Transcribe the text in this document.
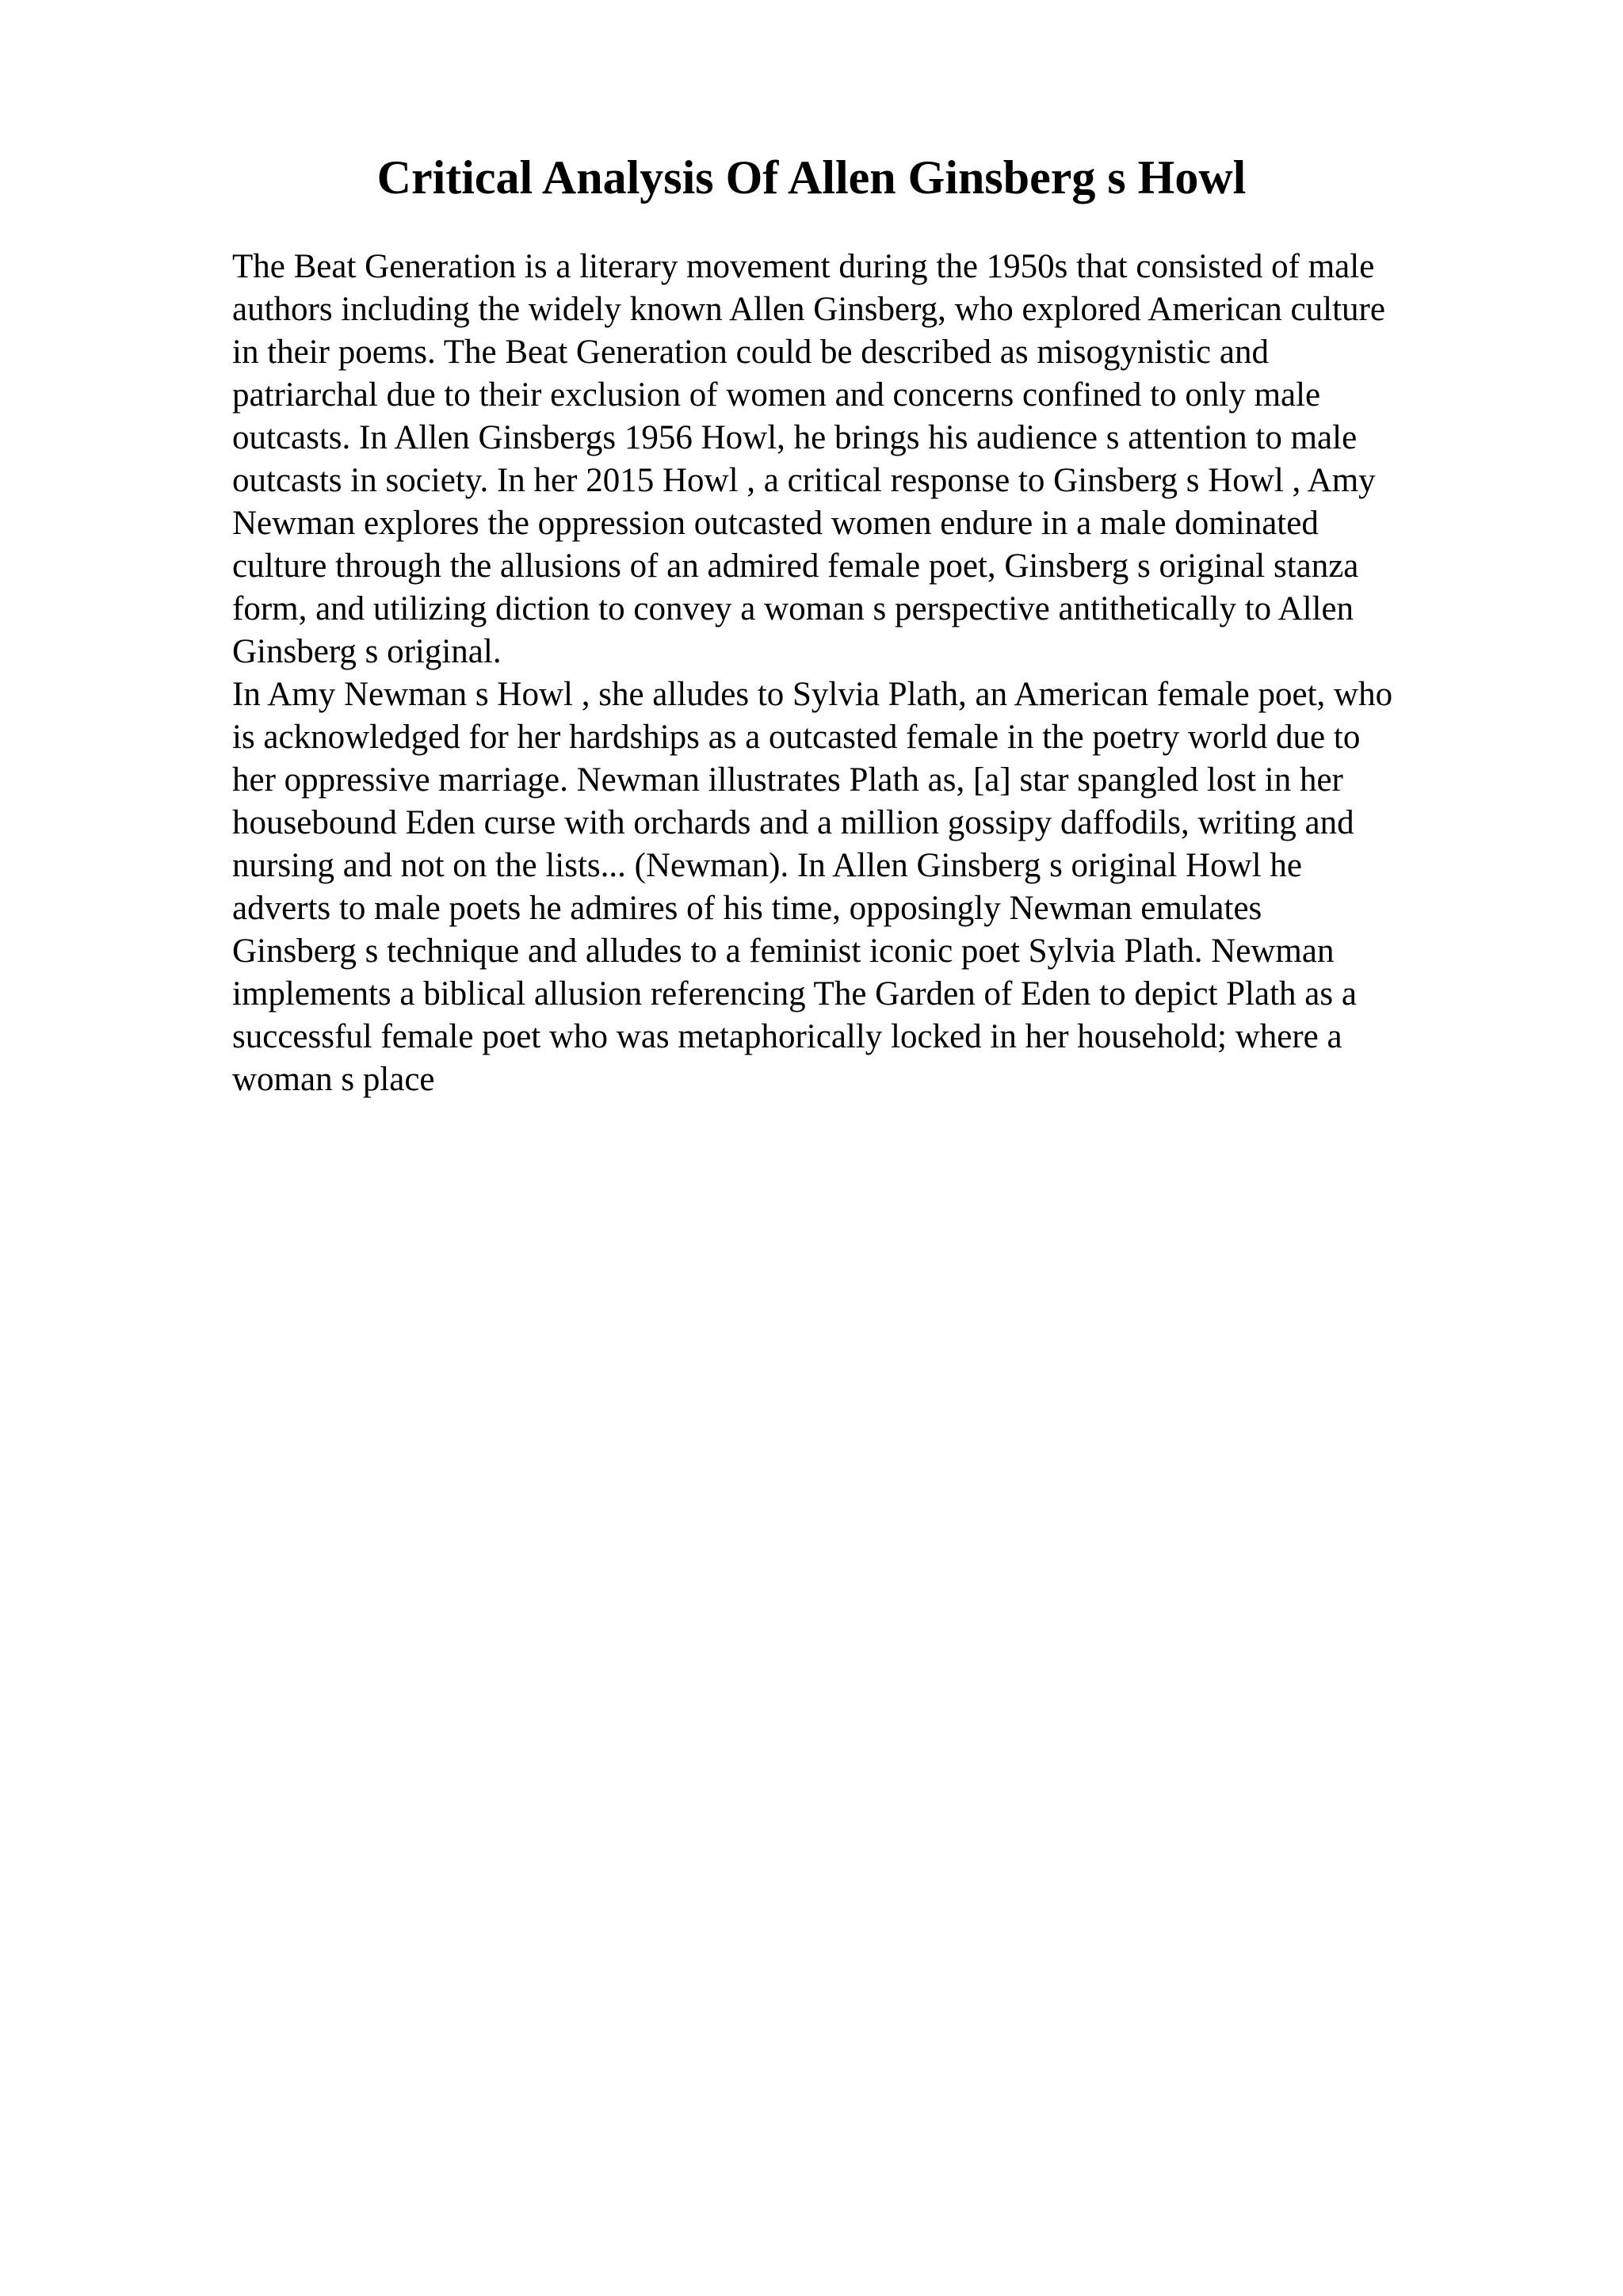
Critical Analysis Of Allen Ginsberg s Howl

The Beat Generation is a literary movement during the 1950s that consisted of male
authors including the widely known Allen Ginsberg, who explored American culture
in their poems. The Beat Generation could be described as misogynistic and
patriarchal due to their exclusion of women and concerns confined to only male
outcasts. In Allen Ginsbergs 1956 Howl, he brings his audience s attention to male
outcasts in society. In her 2015 Howl , a critical response to Ginsberg s Howl , Amy
Newman explores the oppression outcasted women endure in a male dominated
culture through the allusions of an admired female poet, Ginsberg s original stanza
form, and utilizing diction to convey a woman s perspective antithetically to Allen
Ginsberg s original.

In Amy Newman s Howl , she alludes to Sylvia Plath, an American female poet, who
is acknowledged for her hardships as a outcasted female in the poetry world due to
her oppressive marriage. Newman illustrates Plath as, [a] star spangled lost in her
housebound Eden curse with orchards and a million gossipy daffodils, writing and
nursing and not on the lists... (Newman). In Allen Ginsberg s original Howl he
adverts to male poets he admires of his time, opposingly Newman emulates
Ginsberg s technique and alludes to a feminist iconic poet Sylvia Plath. Newman
implements a biblical allusion referencing The Garden of Eden to depict Plath as a
successful female poet who was metaphorically locked in her household; where a
woman s place
